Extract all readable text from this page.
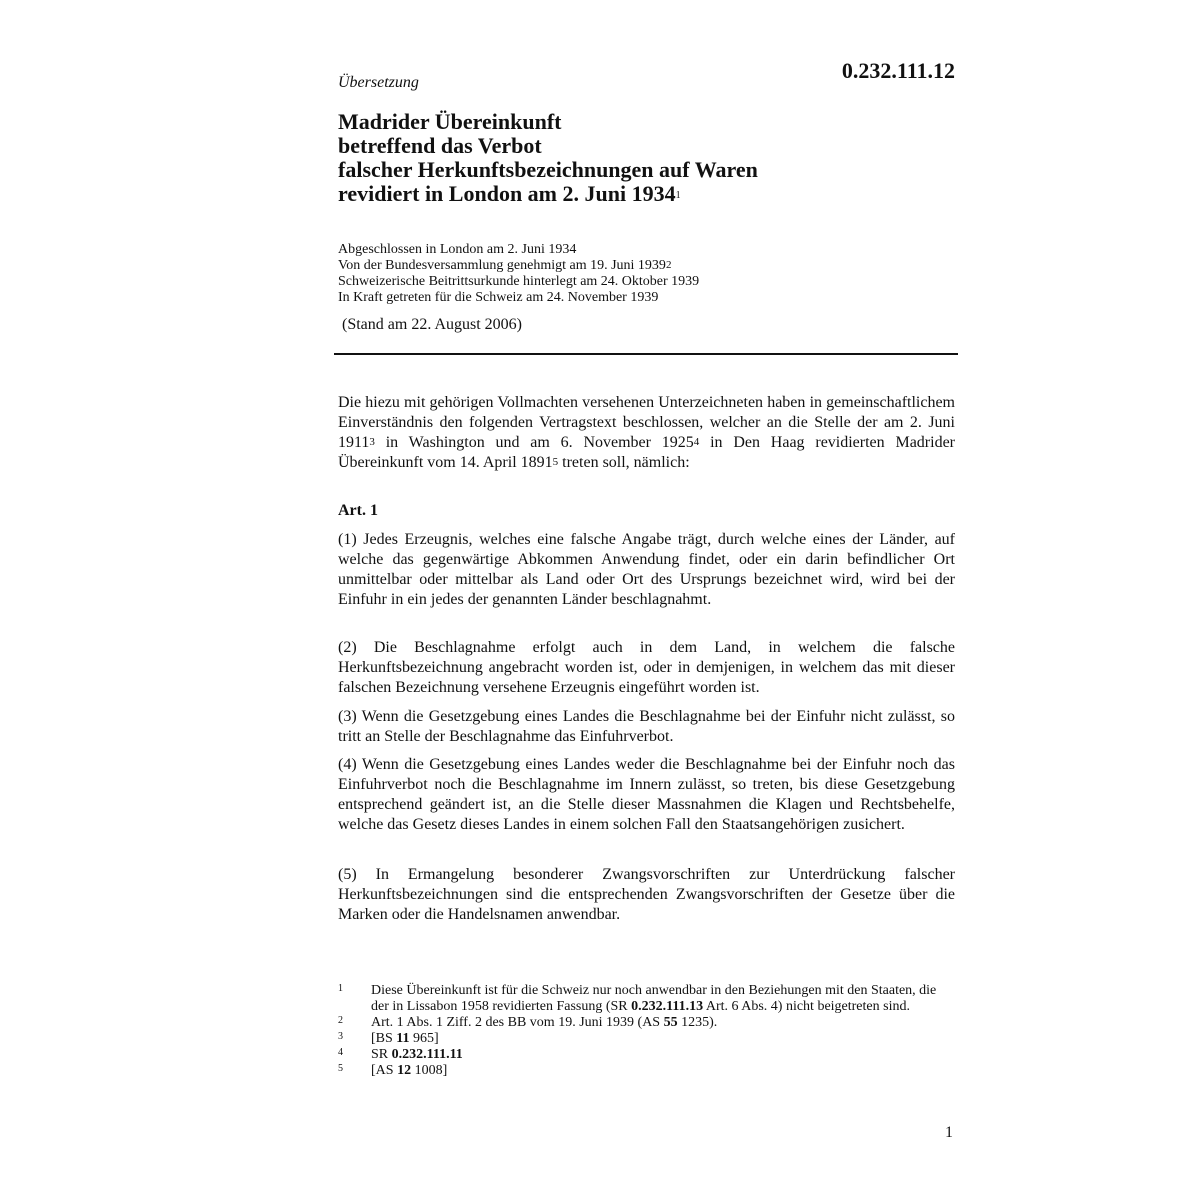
0.232.111.12
Übersetzung
Madrider Übereinkunft
betreffend das Verbot
falscher Herkunftsbezeichnungen auf Waren
revidiert in London am 2. Juni 1934$^1$
Abgeschlossen in London am 2. Juni 1934
Von der Bundesversammlung genehmigt am 19. Juni 1939$^2$
Schweizerische Beitrittsurkunde hinterlegt am 24. Oktober 1939
In Kraft getreten für die Schweiz am 24. November 1939
(Stand am 22. August 2006)
Die hiezu mit gehörigen Vollmachten versehenen Unterzeichneten haben in gemeinschaftlichem Einverständnis den folgenden Vertragstext beschlossen, welcher an die Stelle der am 2. Juni 1911$^3$ in Washington und am 6. November 1925$^4$ in Den Haag revidierten Madrider Übereinkunft vom 14. April 1891$^5$ treten soll, nämlich:
Art. 1
(1) Jedes Erzeugnis, welches eine falsche Angabe trägt, durch welche eines der Länder, auf welche das gegenwärtige Abkommen Anwendung findet, oder ein darin befindlicher Ort unmittelbar oder mittelbar als Land oder Ort des Ursprungs bezeichnet wird, wird bei der Einfuhr in ein jedes der genannten Länder beschlagnahmt.
(2) Die Beschlagnahme erfolgt auch in dem Land, in welchem die falsche Herkunftsbezeichnung angebracht worden ist, oder in demjenigen, in welchem das mit dieser falschen Bezeichnung versehene Erzeugnis eingeführt worden ist.
(3) Wenn die Gesetzgebung eines Landes die Beschlagnahme bei der Einfuhr nicht zulässt, so tritt an Stelle der Beschlagnahme das Einfuhrverbot.
(4) Wenn die Gesetzgebung eines Landes weder die Beschlagnahme bei der Einfuhr noch das Einfuhrverbot noch die Beschlagnahme im Innern zulässt, so treten, bis diese Gesetzgebung entsprechend geändert ist, an die Stelle dieser Massnahmen die Klagen und Rechtsbehelfe, welche das Gesetz dieses Landes in einem solchen Fall den Staatsangehörigen zusichert.
(5) In Ermangelung besonderer Zwangsvorschriften zur Unterdrückung falscher Herkunftsbezeichnungen sind die entsprechenden Zwangsvorschriften der Gesetze über die Marken oder die Handelsnamen anwendbar.
1	Diese Übereinkunft ist für die Schweiz nur noch anwendbar in den Beziehungen mit den Staaten, die der in Lissabon 1958 revidierten Fassung (SR 0.232.111.13 Art. 6 Abs. 4) nicht beigetreten sind.
2	Art. 1 Abs. 1 Ziff. 2 des BB vom 19. Juni 1939 (AS 55 1235).
3	[BS 11 965]
4	SR 0.232.111.11
5	[AS 12 1008]
1
